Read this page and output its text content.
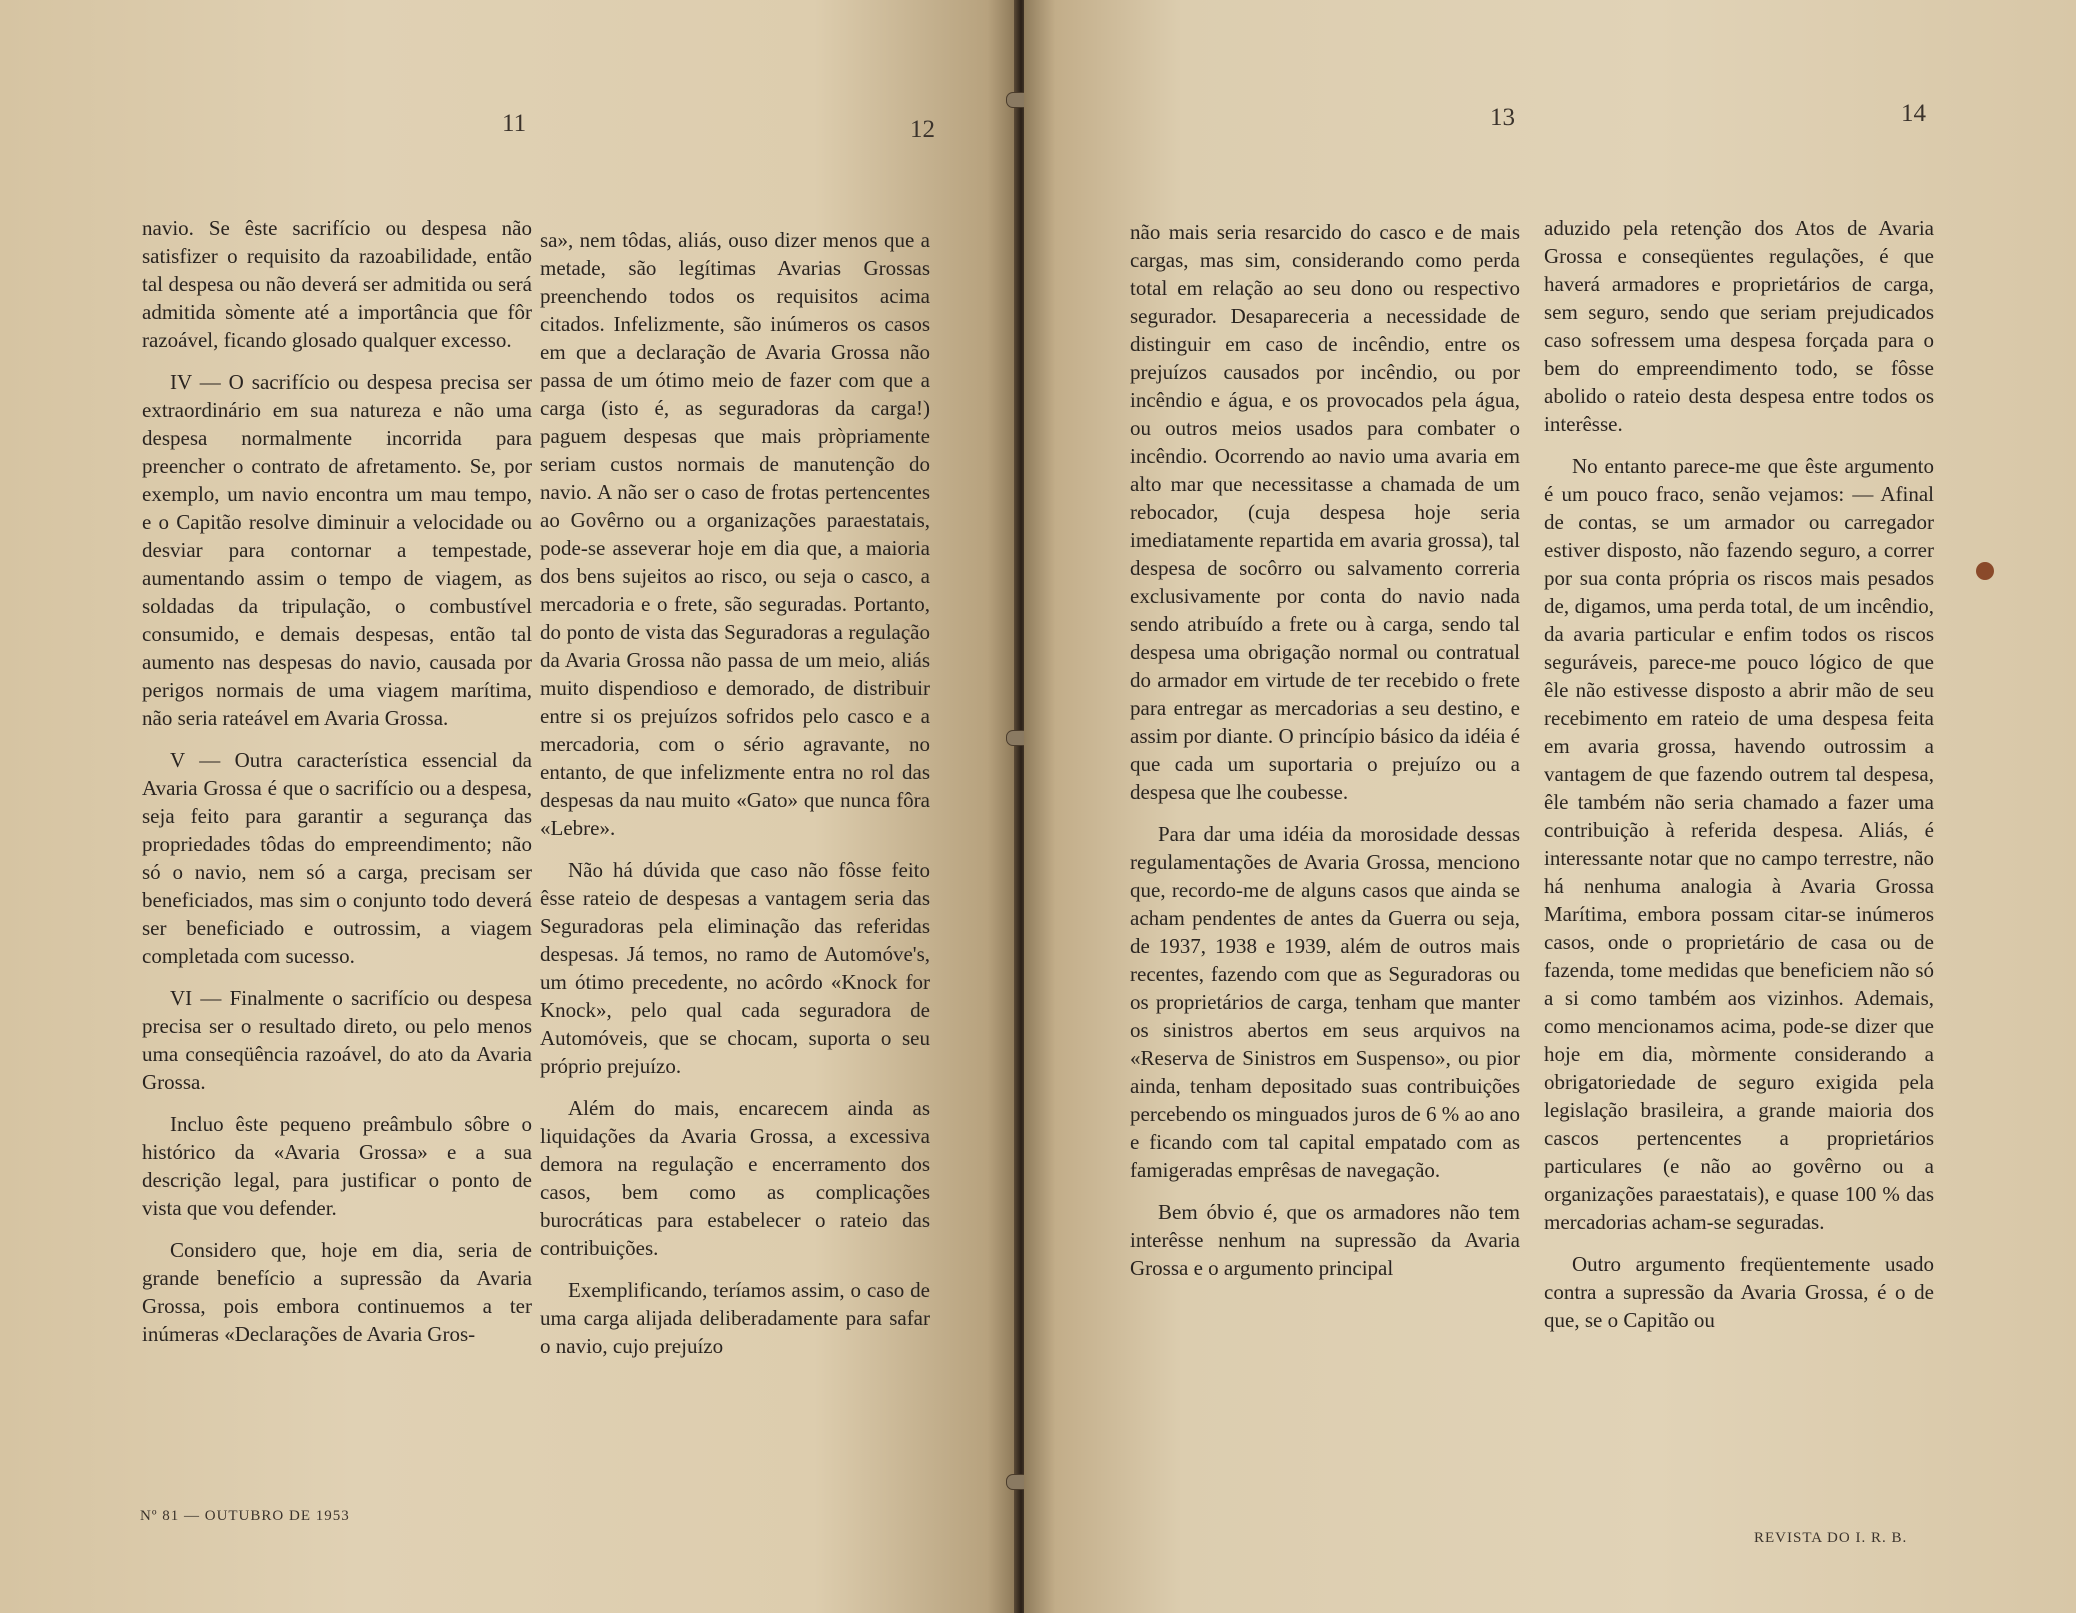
11	12

navio. Se êste sacrifício ou despesa não satisfizer o requisito da razoabilidade, então tal despesa ou não deverá ser admitida ou será admitida sòmente até a importância que fôr razoável, ficando glosado qualquer excesso.

IV — O sacrifício ou despesa precisa ser extraordinário em sua natureza e não uma despesa normalmente incorrida para preencher o contrato de afretamento. Se, por exemplo, um navio encontra um mau tempo, e o Capitão resolve diminuir a velocidade ou desviar para contornar a tempestade, aumentando assim o tempo de viagem, as soldadas da tripulação, o combustível consumido, e demais despesas, então tal aumento nas despesas do navio, causada por perigos normais de uma viagem marítima, não seria rateável em Avaria Grossa.

V — Outra característica essencial da Avaria Grossa é que o sacrifício ou a despesa, seja feito para garantir a segurança das propriedades tôdas do empreendimento; não só o navio, nem só a carga, precisam ser beneficiados, mas sim o conjunto todo deverá ser beneficiado e outrossim, a viagem completada com sucesso.

VI — Finalmente o sacrifício ou despesa precisa ser o resultado direto, ou pelo menos uma conseqüência razoável, do ato da Avaria Grossa.

Incluo êste pequeno preâmbulo sôbre o histórico da «Avaria Grossa» e a sua descrição legal, para justificar o ponto de vista que vou defender.

Considero que, hoje em dia, seria de grande benefício a supressão da Avaria Grossa, pois embora continuemos a ter inúmeras «Declarações de Avaria Gros-

sa», nem tôdas, aliás, ouso dizer menos que a metade, são legítimas Avarias Grossas preenchendo todos os requisitos acima citados. Infelizmente, são inúmeros os casos em que a declaração de Avaria Grossa não passa de um ótimo meio de fazer com que a carga (isto é, as seguradoras da carga!) paguem despesas que mais pròpriamente seriam custos normais de manutenção do navio. A não ser o caso de frotas pertencentes ao Govêrno ou a organizações paraestatais, pode-se asseverar hoje em dia que, a maioria dos bens sujeitos ao risco, ou seja o casco, a mercadoria e o frete, são seguradas. Portanto, do ponto de vista das Seguradoras a regulação da Avaria Grossa não passa de um meio, aliás muito dispendioso e demorado, de distribuir entre si os prejuízos sofridos pelo casco e a mercadoria, com o sério agravante, no entanto, de que infelizmente entra no rol das despesas da nau muito «Gato» que nunca fôra «Lebre».

Não há dúvida que caso não fôsse feito êsse rateio de despesas a vantagem seria das Seguradoras pela eliminação das referidas despesas. Já temos, no ramo de Automóve's, um ótimo precedente, no acôrdo «Knock for Knock», pelo qual cada seguradora de Automóveis, que se chocam, suporta o seu próprio prejuízo.

Além do mais, encarecem ainda as liquidações da Avaria Grossa, a excessiva demora na regulação e encerramento dos casos, bem como as complicações burocráticas para estabelecer o rateio das contribuições.

Exemplificando, teríamos assim, o caso de uma carga alijada deliberadamente para safar o navio, cujo prejuízo

Nº 81 — OUTUBRO DE 1953
13	14

não mais seria resarcido do casco e de mais cargas, mas sim, considerando como perda total em relação ao seu dono ou respectivo segurador. Desapareceria a necessidade de distinguir em caso de incêndio, entre os prejuízos causados por incêndio, ou por incêndio e água, e os provocados pela água, ou outros meios usados para combater o incêndio. Ocorrendo ao navio uma avaria em alto mar que necessitasse a chamada de um rebocador, (cuja despesa hoje seria imediatamente repartida em avaria grossa), tal despesa de socôrro ou salvamento correria exclusivamente por conta do navio nada sendo atribuído a frete ou à carga, sendo tal despesa uma obrigação normal ou contratual do armador em virtude de ter recebido o frete para entregar as mercadorias a seu destino, e assim por diante. O princípio básico da idéia é que cada um suportaria o prejuízo ou a despesa que lhe coubesse.

Para dar uma idéia da morosidade dessas regulamentações de Avaria Grossa, menciono que, recordo-me de alguns casos que ainda se acham pendentes de antes da Guerra ou seja, de 1937, 1938 e 1939, além de outros mais recentes, fazendo com que as Seguradoras ou os proprietários de carga, tenham que manter os sinistros abertos em seus arquivos na «Reserva de Sinistros em Suspenso», ou pior ainda, tenham depositado suas contribuições percebendo os minguados juros de 6 % ao ano e ficando com tal capital empatado com as famigeradas emprêsas de navegação.

Bem óbvio é, que os armadores não tem interêsse nenhum na supressão da Avaria Grossa e o argumento principal

aduzido pela retenção dos Atos de Avaria Grossa e conseqüentes regulações, é que haverá armadores e proprietários de carga, sem seguro, sendo que seriam prejudicados caso sofressem uma despesa forçada para o bem do empreendimento todo, se fôsse abolido o rateio desta despesa entre todos os interêsse.

No entanto parece-me que êste argumento é um pouco fraco, senão vejamos: — Afinal de contas, se um armador ou carregador estiver disposto, não fazendo seguro, a correr por sua conta própria os riscos mais pesados de, digamos, uma perda total, de um incêndio, da avaria particular e enfim todos os riscos seguráveis, parece-me pouco lógico de que êle não estivesse disposto a abrir mão de seu recebimento em rateio de uma despesa feita em avaria grossa, havendo outrossim a vantagem de que fazendo outrem tal despesa, êle também não seria chamado a fazer uma contribuição à referida despesa. Aliás, é interessante notar que no campo terrestre, não há nenhuma analogia à Avaria Grossa Marítima, embora possam citar-se inúmeros casos, onde o proprietário de casa ou de fazenda, tome medidas que beneficiem não só a si como também aos vizinhos. Ademais, como mencionamos acima, pode-se dizer que hoje em dia, mòrmente considerando a obrigatoriedade de seguro exigida pela legislação brasileira, a grande maioria dos cascos pertencentes a proprietários particulares (e não ao govêrno ou a organizações paraestatais), e quase 100 % das mercadorias acham-se seguradas.

Outro argumento freqüentemente usado contra a supressão da Avaria Grossa, é o de que, se o Capitão ou

REVISTA DO I. R. B.
